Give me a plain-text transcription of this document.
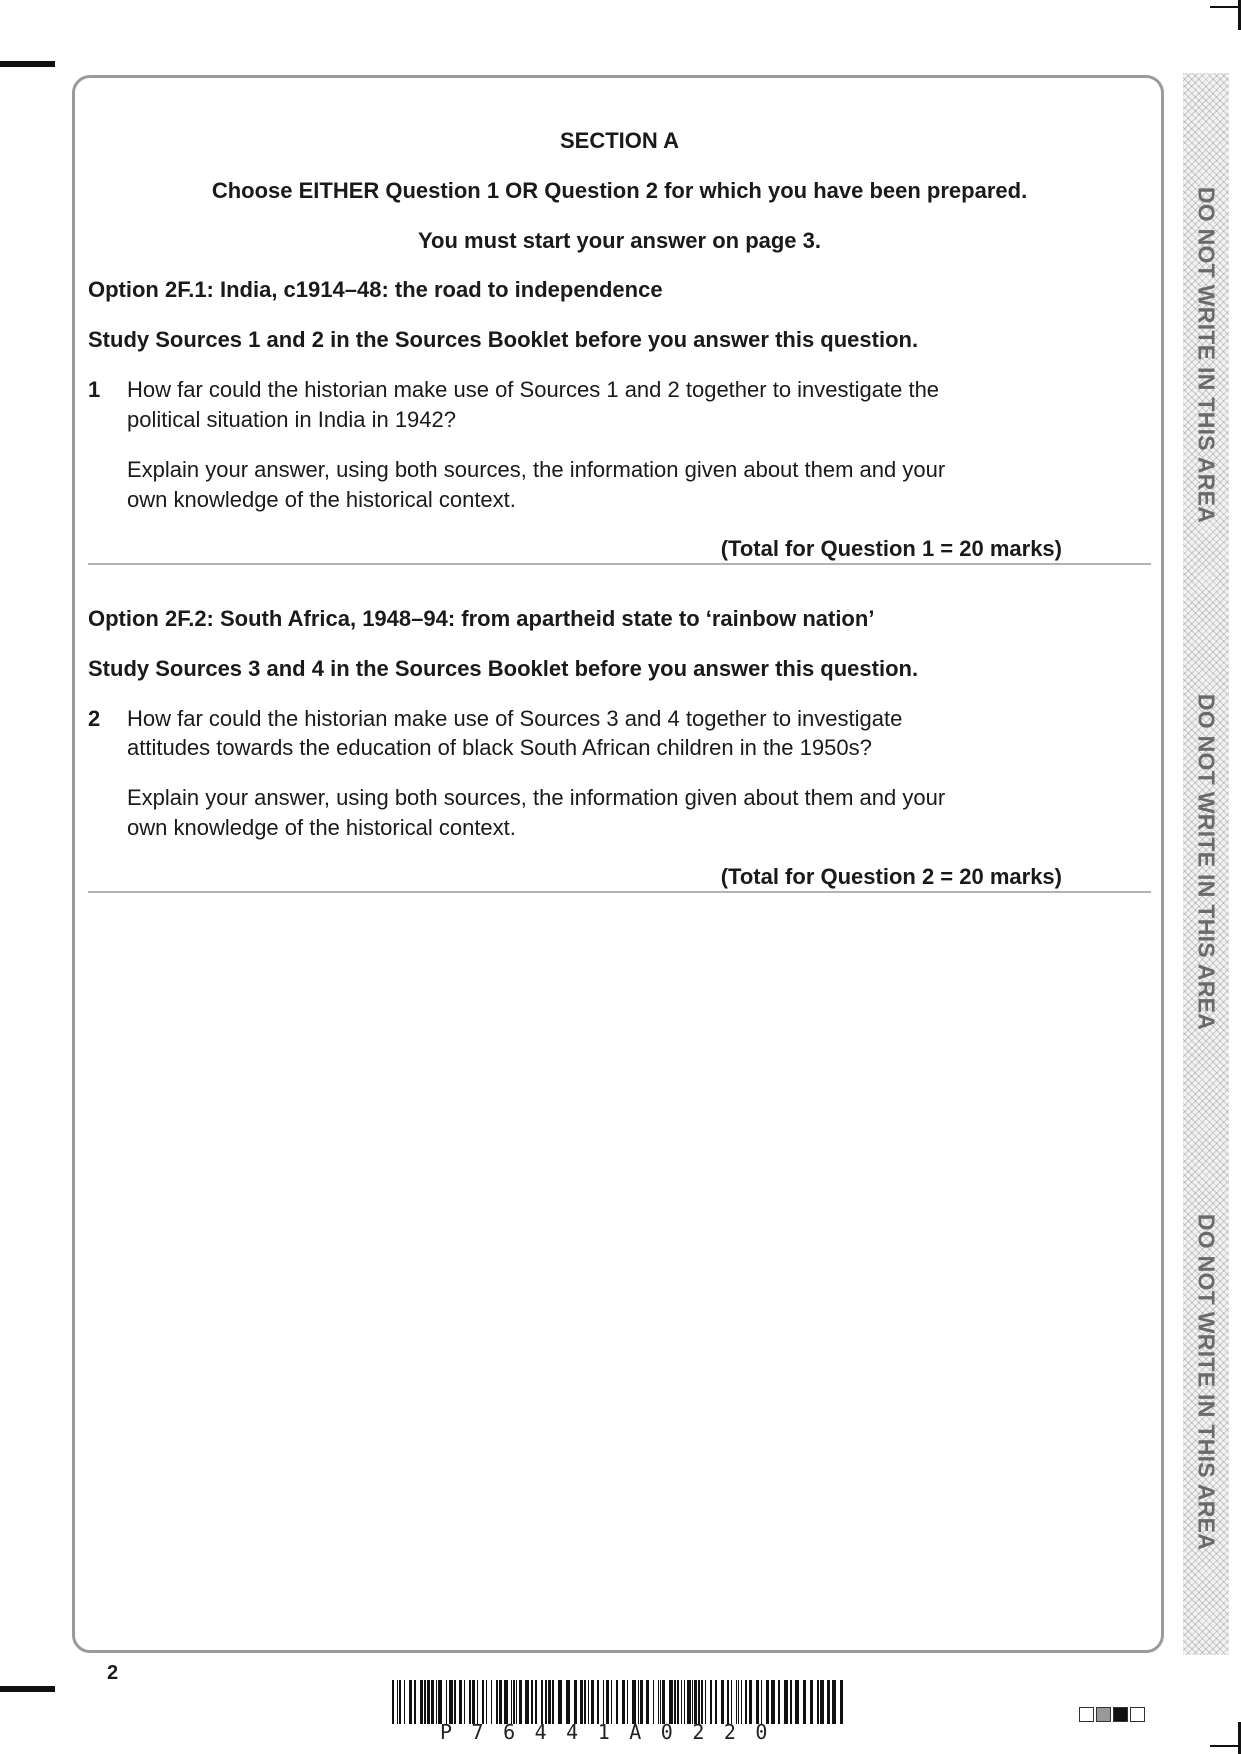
DO NOT WRITE IN THIS AREA
DO NOT WRITE IN THIS AREA
DO NOT WRITE IN THIS AREA
SECTION A
Choose EITHER Question 1 OR Question 2 for which you have been prepared.
You must start your answer on page 3.
Option 2F.1: India, c1914–48: the road to independence
Study Sources 1 and 2 in the Sources Booklet before you answer this question.
1 How far could the historian make use of Sources 1 and 2 together to investigate the
political situation in India in 1942?
Explain your answer, using both sources, the information given about them and your
own knowledge of the historical context.
(Total for Question 1 = 20 marks)
Option 2F.2: South Africa, 1948–94: from apartheid state to ‘rainbow nation’
Study Sources 3 and 4 in the Sources Booklet before you answer this question.
2 How far could the historian make use of Sources 3 and 4 together to investigate
attitudes towards the education of black South African children in the 1950s?
Explain your answer, using both sources, the information given about them and your
own knowledge of the historical context.
(Total for Question 2 = 20 marks)
2
P76441A0220
